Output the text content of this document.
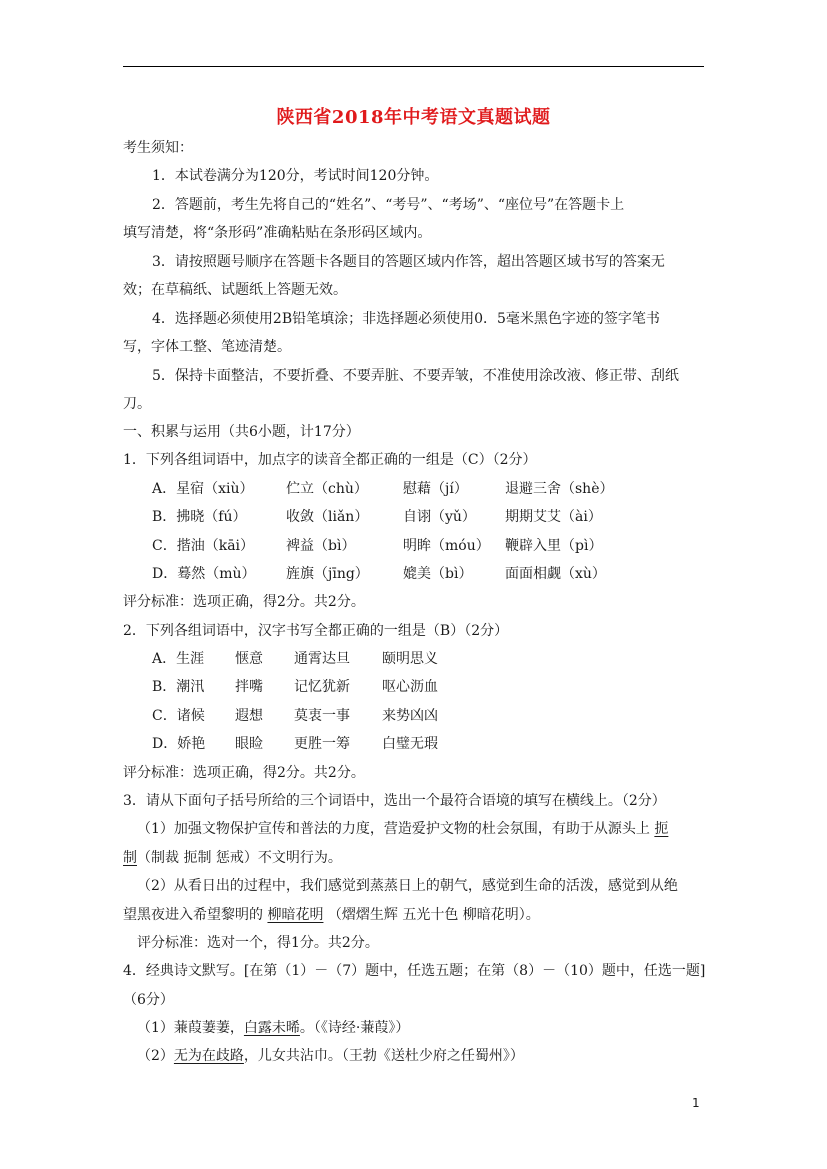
陕西省2018年中考语文真题试题
考生须知：
1．本试卷满分为120分，考试时间120分钟。
2．答题前，考生先将自己的“姓名”、“考号”、“考场”、“座位号”在答题卡上
填写清楚，将“条形码”准确粘贴在条形码区域内。
3．请按照题号顺序在答题卡各题目的答题区域内作答，超出答题区域书写的答案无
效；在草稿纸、试题纸上答题无效。
4．选择题必须使用2B铅笔填涂；非选择题必须使用0．5毫米黑色字迹的签字笔书
写，字体工整、笔迹清楚。
5．保持卡面整洁，不要折叠、不要弄脏、不要弄皱，不准使用涂改液、修正带、刮纸
刀。
一、积累与运用（共6小题，计17分）
1．下列各组词语中，加点字的读音全都正确的一组是（C）（2分）
A．星宿（xiù） 伫立（chù）	慰藉（jí）	退避三舍（shè）
B．拂晓（fú）	收敛（liǎn） 自诩（yǔ） 期期艾艾（ài）
C．揩油（kāi） 裨益（bì）	明眸（móu） 鞭辟入里（pì）
D．蓦然（mù） 旌旗（jīng） 媲美（bì） 面面相觑（xù）
评分标准：选项正确，得2分。共2分。
2．下列各组词语中，汉字书写全都正确的一组是（B）（2分）
A．生涯 惬意 通霄达旦 颐明思义
B．潮汛 拌嘴 记忆犹新 呕心沥血
C．诸候 遐想 莫衷一事 来势凶凶
D．娇艳 眼睑 更胜一筹 白璧无瑕
评分标准：选项正确，得2分。共2分。
3．请从下面句子括号所给的三个词语中，选出一个最符合语境的填写在横线上。（2分）
（1）加强文物保护宣传和普法的力度，营造爱护文物的杜会氛围，有助于从源头上 扼
制（制裁 扼制 惩戒）不文明行为。
（2）从看日出的过程中，我们感觉到蒸蒸日上的朝气，感觉到生命的活泼，感觉到从绝
望黑夜进入希望黎明的 柳暗花明 （熠熠生辉 五光十色 柳暗花明）。
评分标准：选对一个，得1分。共2分。
4．经典诗文默写。[在第（1）－（7）题中，任选五题；在第（8）－（10）题中，任选一题]
（6分）
（1）蒹葭萋萋，白露未晞。（《诗经·蒹葭》）
（2）无为在歧路，儿女共沾巾。（王勃《送杜少府之任蜀州》）
1
